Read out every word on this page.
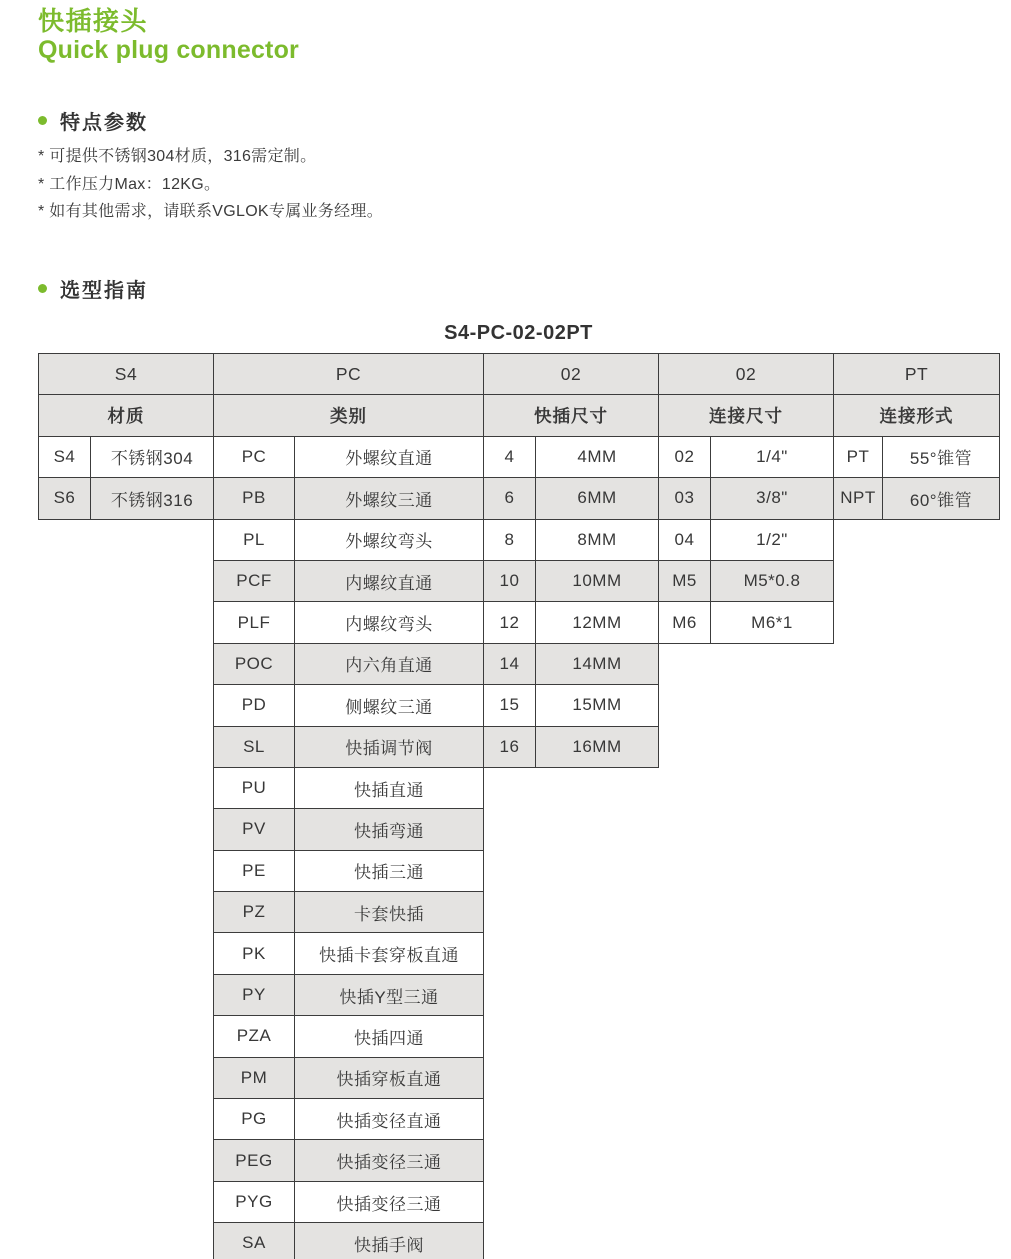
快插接头
Quick plug connector
特点参数
* 可提供不锈钢304材质，316需定制。
* 工作压力Max：12KG。
* 如有其他需求，请联系VGLOK专属业务经理。
选型指南
S4-PC-02-02PT
S4		PC		02		02		PT	
材质		类别		快插尺寸		连接尺寸		连接形式	
S4	不锈钢304	PC	外螺纹直通	4	4MM	02	1/4"	PT	55°锥管
S6	不锈钢316	PB	外螺纹三通	6	6MM	03	3/8"	NPT	60°锥管
		PL	外螺纹弯头	8	8MM	04	1/2"		
		PCF	内螺纹直通	10	10MM	M5	M5*0.8		
		PLF	内螺纹弯头	12	12MM	M6	M6*1		
		POC	内六角直通	14	14MM				
		PD	侧螺纹三通	15	15MM				
		SL	快插调节阀	16	16MM				
		PU	快插直通						
		PV	快插弯通						
		PE	快插三通						
		PZ	卡套快插						
		PK	快插卡套穿板直通						
		PY	快插Y型三通						
		PZA	快插四通						
		PM	快插穿板直通						
		PG	快插变径直通						
		PEG	快插变径三通						
		PYG	快插变径三通						
		SA	快插手阀						
